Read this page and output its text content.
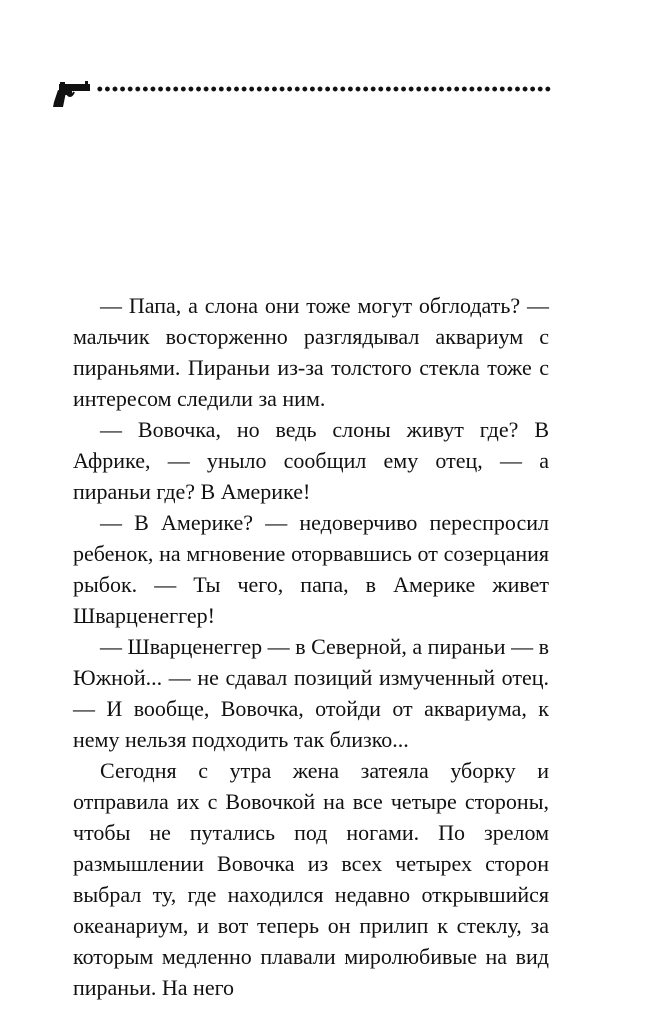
— Папа, а слона они тоже могут обглодать? — мальчик восторженно разглядывал аквариум с пираньями. Пираньи из-за толстого стекла тоже с интересом следили за ним.

— Вовочка, но ведь слоны живут где? В Африке, — уныло сообщил ему отец, — а пираньи где? В Америке!

— В Америке? — недоверчиво переспросил ребенок, на мгновение оторвавшись от созерцания рыбок. — Ты чего, папа, в Америке живет Шварценеггер!

— Шварценеггер — в Северной, а пираньи — в Южной... — не сдавал позиций измученный отец. — И вообще, Вовочка, отойди от аквариума, к нему нельзя подходить так близко...

Сегодня с утра жена затеяла уборку и отправила их с Вовочкой на все четыре стороны, чтобы не путались под ногами. По зрелом размышлении Вовочка из всех четырех сторон выбрал ту, где находился недавно открывшийся океанариум, и вот теперь он прилип к стеклу, за которым медленно плавали миролюбивые на вид пираньи. На него
